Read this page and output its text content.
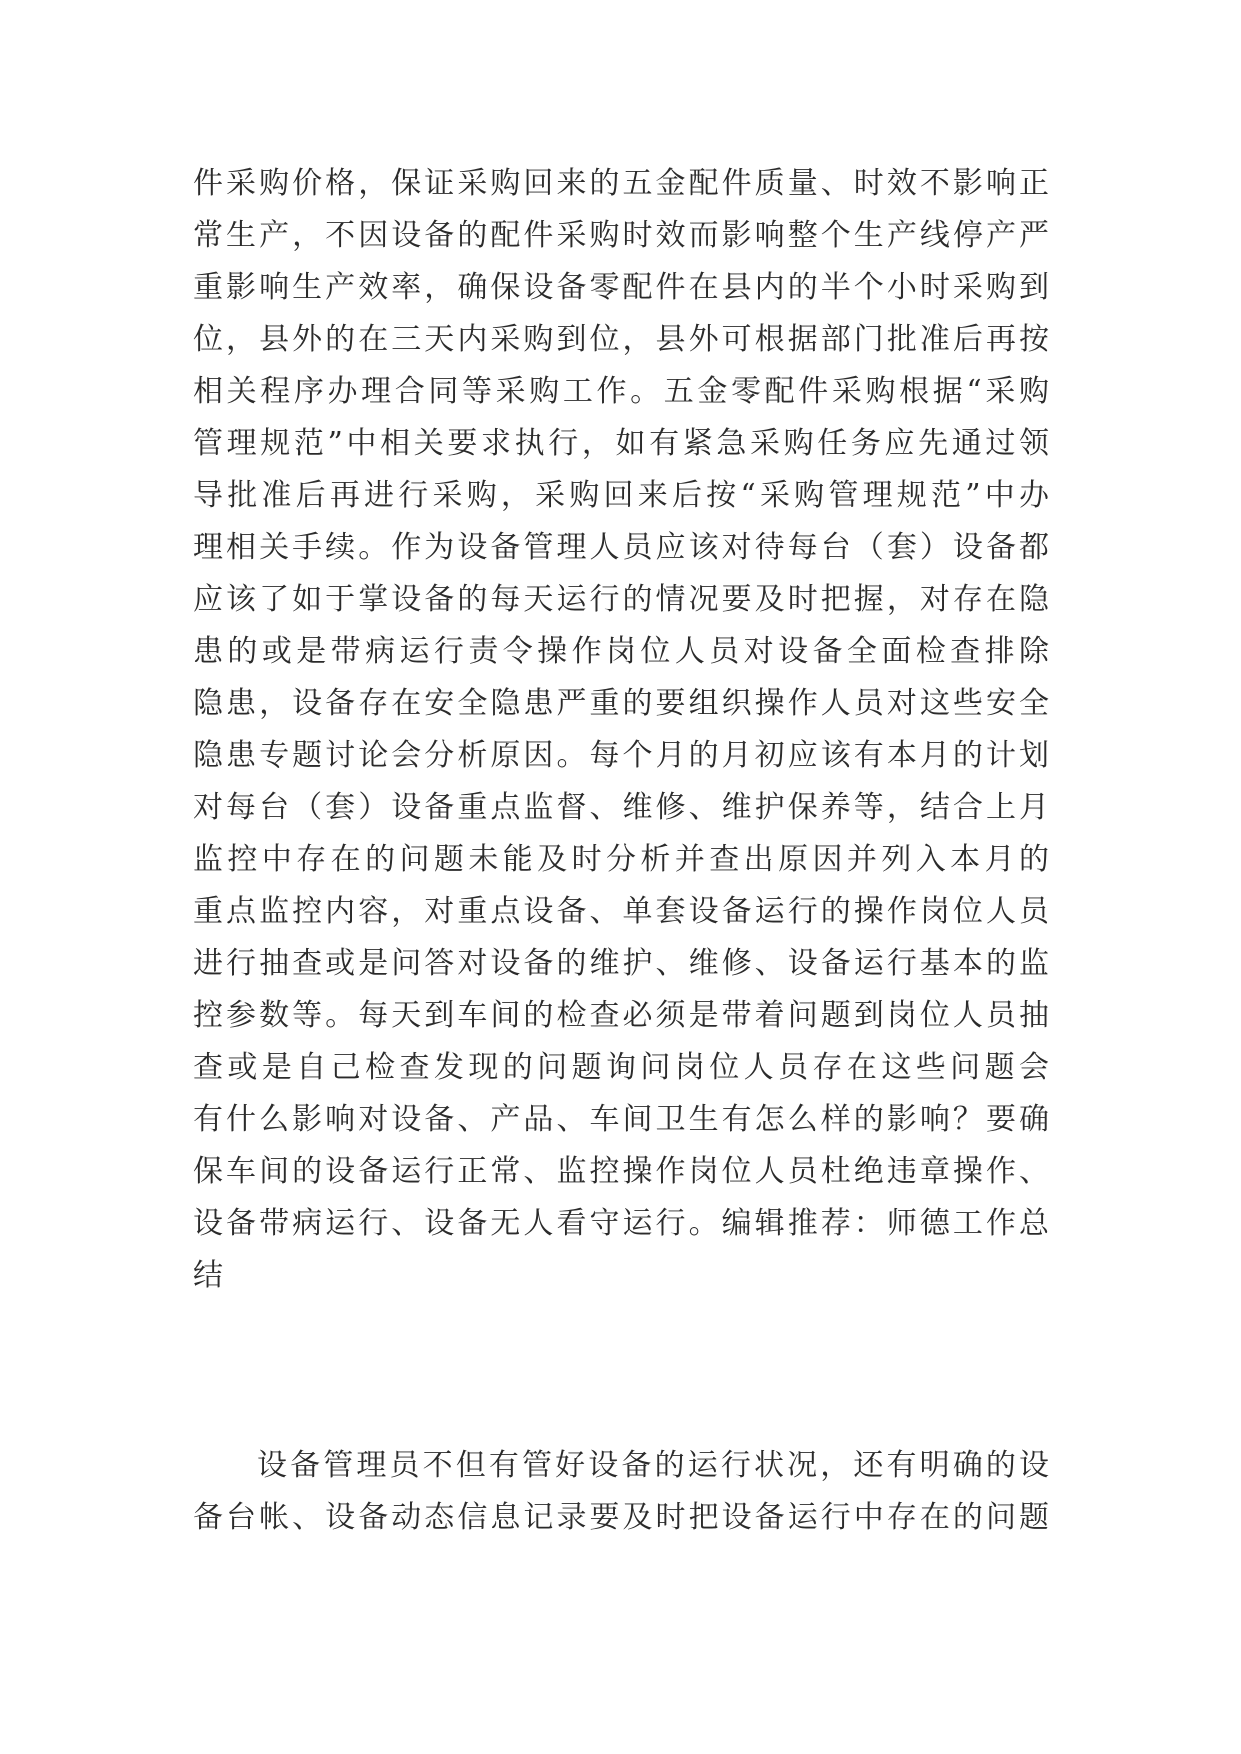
件采购价格，保证采购回来的五金配件质量、时效不影响正
常生产，不因设备的配件采购时效而影响整个生产线停产严
重影响生产效率，确保设备零配件在县内的半个小时采购到
位，县外的在三天内采购到位，县外可根据部门批准后再按
相关程序办理合同等采购工作。五金零配件采购根据“采购
管理规范”中相关要求执行，如有紧急采购任务应先通过领
导批准后再进行采购，采购回来后按“采购管理规范”中办
理相关手续。作为设备管理人员应该对待每台（套）设备都
应该了如于掌设备的每天运行的情况要及时把握，对存在隐
患的或是带病运行责令操作岗位人员对设备全面检查排除
隐患，设备存在安全隐患严重的要组织操作人员对这些安全
隐患专题讨论会分析原因。每个月的月初应该有本月的计划
对每台（套）设备重点监督、维修、维护保养等，结合上月
监控中存在的问题未能及时分析并查出原因并列入本月的
重点监控内容，对重点设备、单套设备运行的操作岗位人员
进行抽查或是问答对设备的维护、维修、设备运行基本的监
控参数等。每天到车间的检查必须是带着问题到岗位人员抽
查或是自己检查发现的问题询问岗位人员存在这些问题会
有什么影响对设备、产品、车间卫生有怎么样的影响？要确
保车间的设备运行正常、监控操作岗位人员杜绝违章操作、
设备带病运行、设备无人看守运行。编辑推荐：师德工作总
结
设备管理员不但有管好设备的运行状况，还有明确的设
备台帐、设备动态信息记录要及时把设备运行中存在的问题
